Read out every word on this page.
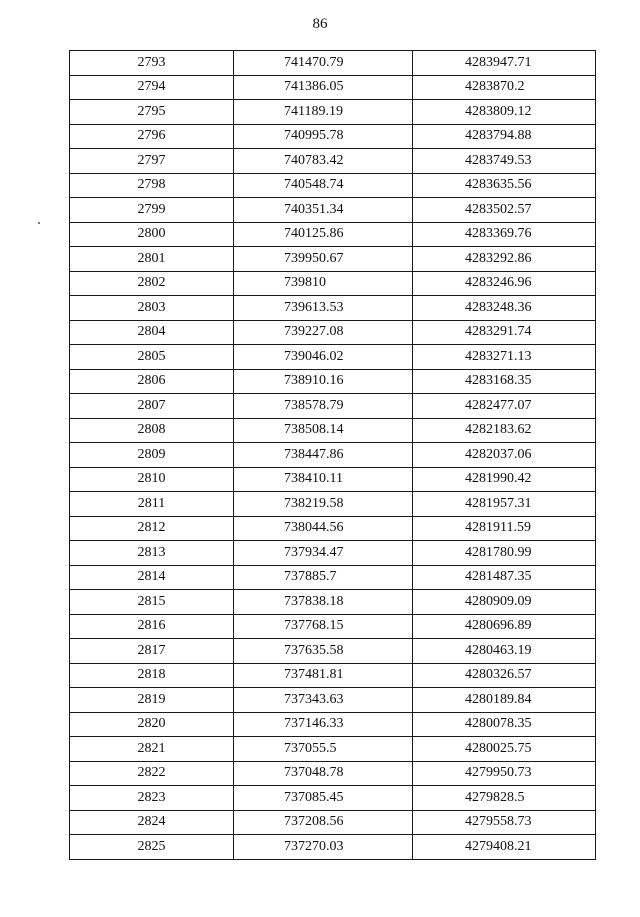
86
2793	741470.79	4283947.71
2794	741386.05	4283870.2
2795	741189.19	4283809.12
2796	740995.78	4283794.88
2797	740783.42	4283749.53
2798	740548.74	4283635.56
2799	740351.34	4283502.57
2800	740125.86	4283369.76
2801	739950.67	4283292.86
2802	739810	4283246.96
2803	739613.53	4283248.36
2804	739227.08	4283291.74
2805	739046.02	4283271.13
2806	738910.16	4283168.35
2807	738578.79	4282477.07
2808	738508.14	4282183.62
2809	738447.86	4282037.06
2810	738410.11	4281990.42
2811	738219.58	4281957.31
2812	738044.56	4281911.59
2813	737934.47	4281780.99
2814	737885.7	4281487.35
2815	737838.18	4280909.09
2816	737768.15	4280696.89
2817	737635.58	4280463.19
2818	737481.81	4280326.57
2819	737343.63	4280189.84
2820	737146.33	4280078.35
2821	737055.5	4280025.75
2822	737048.78	4279950.73
2823	737085.45	4279828.5
2824	737208.56	4279558.73
2825	737270.03	4279408.21
